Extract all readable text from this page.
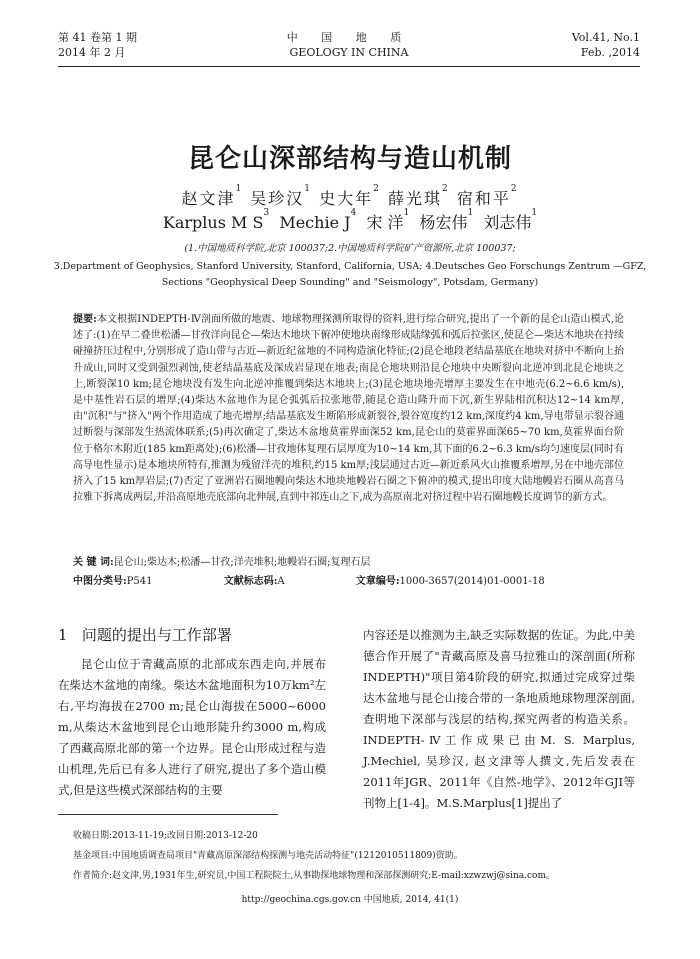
第 41 卷第 1 期
2014 年 2 月
中 国 地 质
GEOLOGY IN CHINA
Vol.41, No.1
Feb. ,2014
昆仑山深部结构与造山机制
赵文津$^1$ 吴珍汉$^1$ 史大年$^2$ 薛光琪$^2$ 宿和平$^2$
Karplus M $S^3$ Mechie $J^4$ 宋 洋$^1$ 杨宏伟$^1$ 刘志伟$^1$
(1.中国地质科学院,北京 100037;2.中国地质科学院矿产资源所,北京 100037;
3.Department of Geophysics, Stanford University, Stanford, California, USA; 4.Deutsches Geo Forschungs Zentrum —GFZ, Sections "Geophysical Deep Sounding" and "Seismology", Potsdam, Germany)
提要:本文根据INDEPTH-Ⅳ剖面所做的地震、地球物理探测所取得的资料,进行综合研究,提出了一个新的昆仑山造山模式,论述了:(1)在早二叠世松潘—甘孜洋向昆仑—柴达木地块下俯冲使地块南缘形成陆缘弧和弧后拉张区,使昆仑—柴达木地块在持续碰撞挤压过程中,分别形成了造山带与古近—新近纪盆地的不同构造演化特征;(2)昆仑地段老结晶基底在地块对挤中不断向上抬升成山,同时又受到强烈剥蚀,使老结晶基底及深成岩显现在地表;南昆仑地块则沿昆仑地块中央断裂向北逆冲到北昆仑地块之上,断裂深10 km;昆仑地块没有发生向北逆冲推覆到柴达木地块上;(3)昆仑地块地壳增厚主要发生在中地壳(6.2~6.6 km/s),是中基性岩石层的增厚;(4)柴达木盆地作为昆仑弧弧后拉张地带,随昆仑造山隆升而下沉,新生界陆相沉积达12~14 km厚,由"沉积"与"挤入"两个作用造成了地壳增厚;结晶基底发生断陷形成新裂谷,裂谷宽度约12 km,深度约4 km,导电带显示裂谷通过断裂与深部发生热流体联系;(5)再次确定了,柴达木盆地莫霍界面深52 km,昆仑山的莫霍界面深65~70 km,莫霍界面台阶位于格尔木附近(185 km距离处);(6)松潘—甘孜地体复理石层厚度为10~14 km,其下面的6.2~6.3 km/s均匀速度层(同时有高导电性显示)是本地块所特有,推测为残留洋壳的堆积,约15 km厚;浅层通过古近—新近系风火山推覆系增厚,另在中地壳部位挤入了15 km厚岩层;(7)否定了亚洲岩石圈地幔向柴达木地块地幔岩石圈之下俯冲的模式,提出印度大陆地幔岩石圈从高喜马拉雅下拆离成两层,并沿高原地壳底部向北伸展,直到中祁连山之下,成为高原南北对挤过程中岩石圈地幔长度调节的新方式。
关 键 词:昆仑山;柴达木;松潘—甘孜;洋壳堆积;地幔岩石圈;复理石层
中图分类号:P541	文献标志码:A	文章编号:1000-3657(2014)01-0001-18
1 问题的提出与工作部署
昆仑山位于青藏高原的北部成东西走向,并展布在柴达木盆地的南缘。柴达木盆地面积为10万km²左右,平均海拔在2700 m;昆仑山海拔在5000~6000 m,从柴达木盆地到昆仑山地形陡升约3000 m,构成了西藏高原北部的第一个边界。昆仑山形成过程与造山机理,先后已有多人进行了研究,提出了多个造山模式,但是这些模式深部结构的主要
内容还是以推测为主,缺乏实际数据的佐证。为此,中美德合作开展了"青藏高原及喜马拉雅山的深剖面(所称INDEPTH)"项目第4阶段的研究,拟通过完成穿过柴达木盆地与昆仑山接合带的一条地质地球物理深剖面,查明地下深部与浅层的结构,探究两者的构造关系。INDEPTH-Ⅳ工作成果已由M. S. Marplus, J.Mechiel, 吴珍汉, 赵文津等人撰文,先后发表在2011年JGR、2011年《自然-地学》、2012年GJI等刊物上[1-4]。M.S.Marplus[1]提出了
收稿日期:2013-11-19;改回日期:2013-12-20
基金项目:中国地质调查局项目"青藏高原深部结构探测与地壳活动特征"(1212010511809)资助。
作者简介:赵文津,男,1931年生,研究员,中国工程院院士,从事勘探地球物理和深部探测研究;E-mail:xzwzwj@sina.com。
http://geochina.cgs.gov.cn 中国地质, 2014, 41(1)
